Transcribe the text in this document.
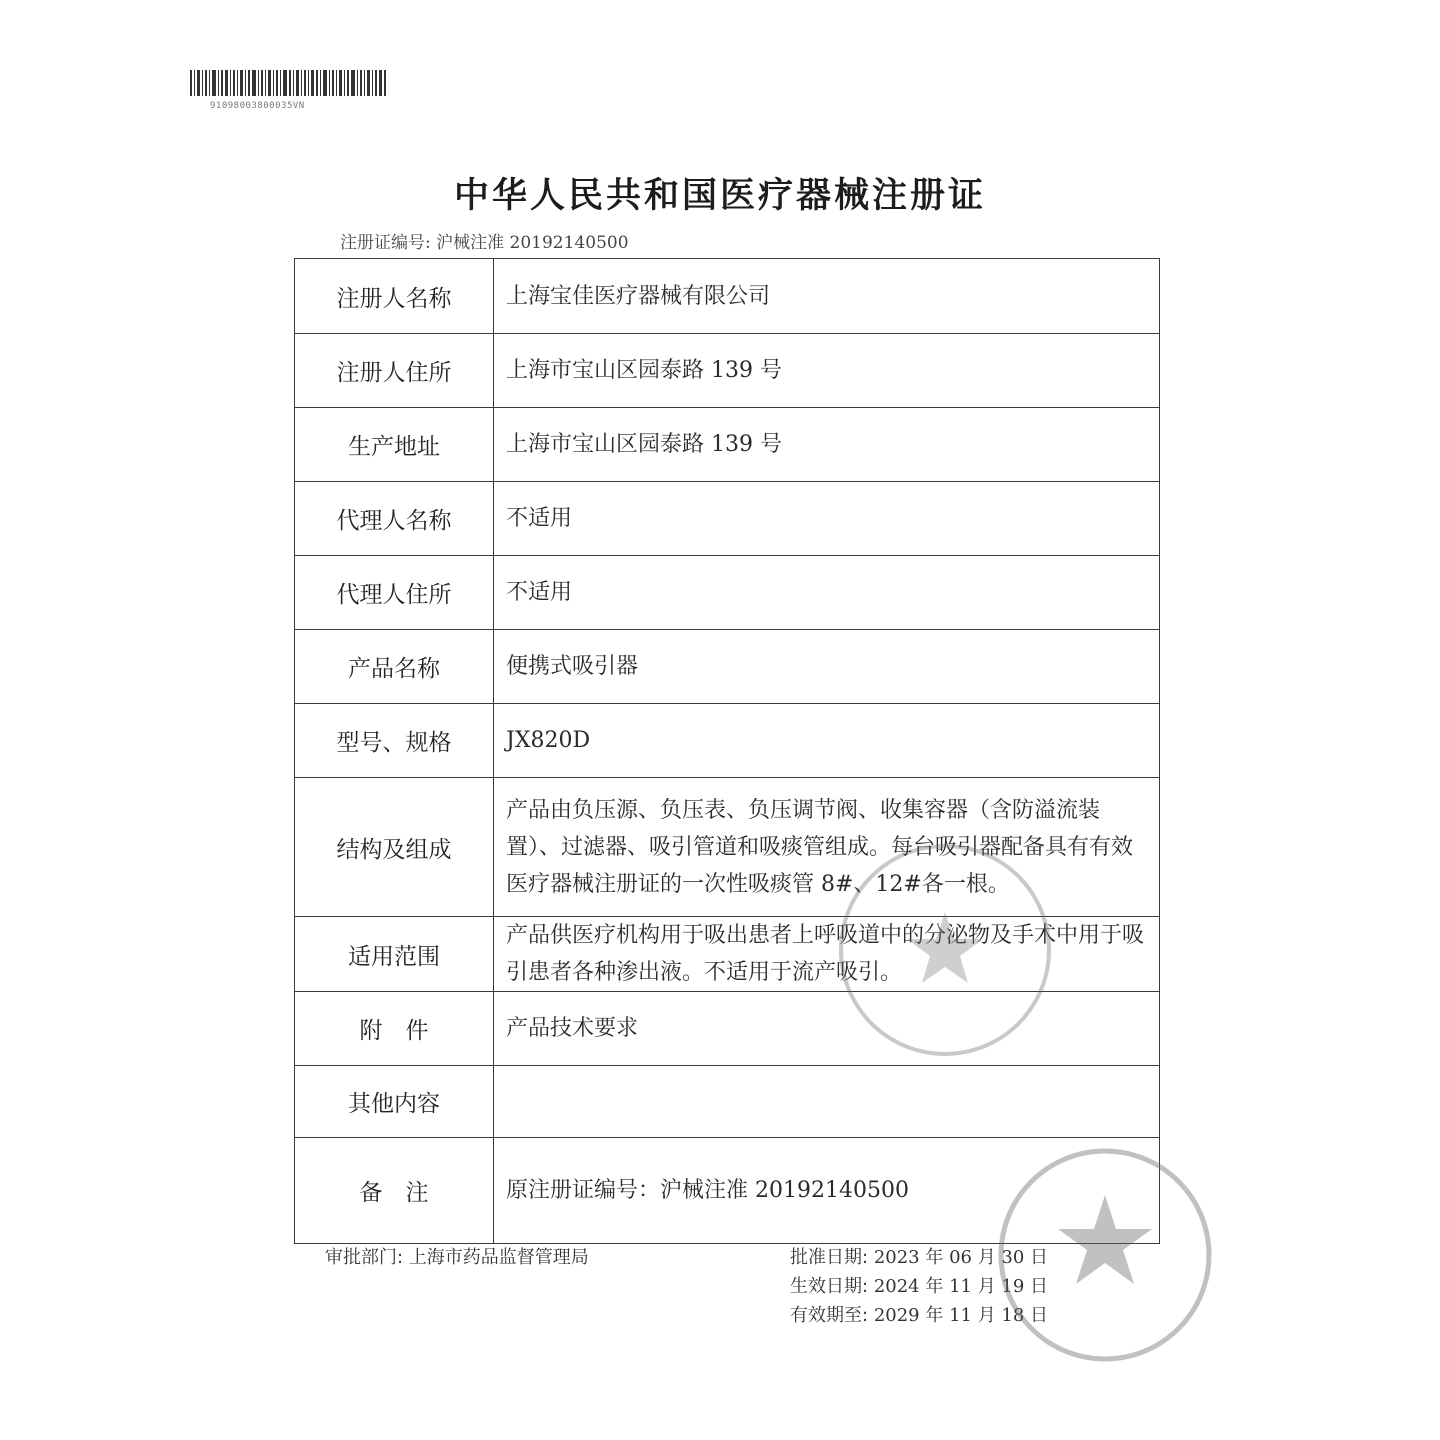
91098003800035VN
中华人民共和国医疗器械注册证
注册证编号: 沪械注准 20192140500
注册人名称	上海宝佳医疗器械有限公司
注册人住所	上海市宝山区园泰路 139 号
生产地址	上海市宝山区园泰路 139 号
代理人名称	不适用
代理人住所	不适用
产品名称	便携式吸引器
型号、规格	JX820D
结构及组成	产品由负压源、负压表、负压调节阀、收集容器（含防溢流装置）、过滤器、吸引管道和吸痰管组成。每台吸引器配备具有有效医疗器械注册证的一次性吸痰管 8#、12#各一根。
适用范围	产品供医疗机构用于吸出患者上呼吸道中的分泌物及手术中用于吸引患者各种渗出液。不适用于流产吸引。
附　件	产品技术要求
其他内容	
备　注	原注册证编号：沪械注准 20192140500
审批部门: 上海市药品监督管理局	批准日期: 2023 年 06 月 30 日
生效日期: 2024 年 11 月 19 日
有效期至: 2029 年 11 月 18 日
